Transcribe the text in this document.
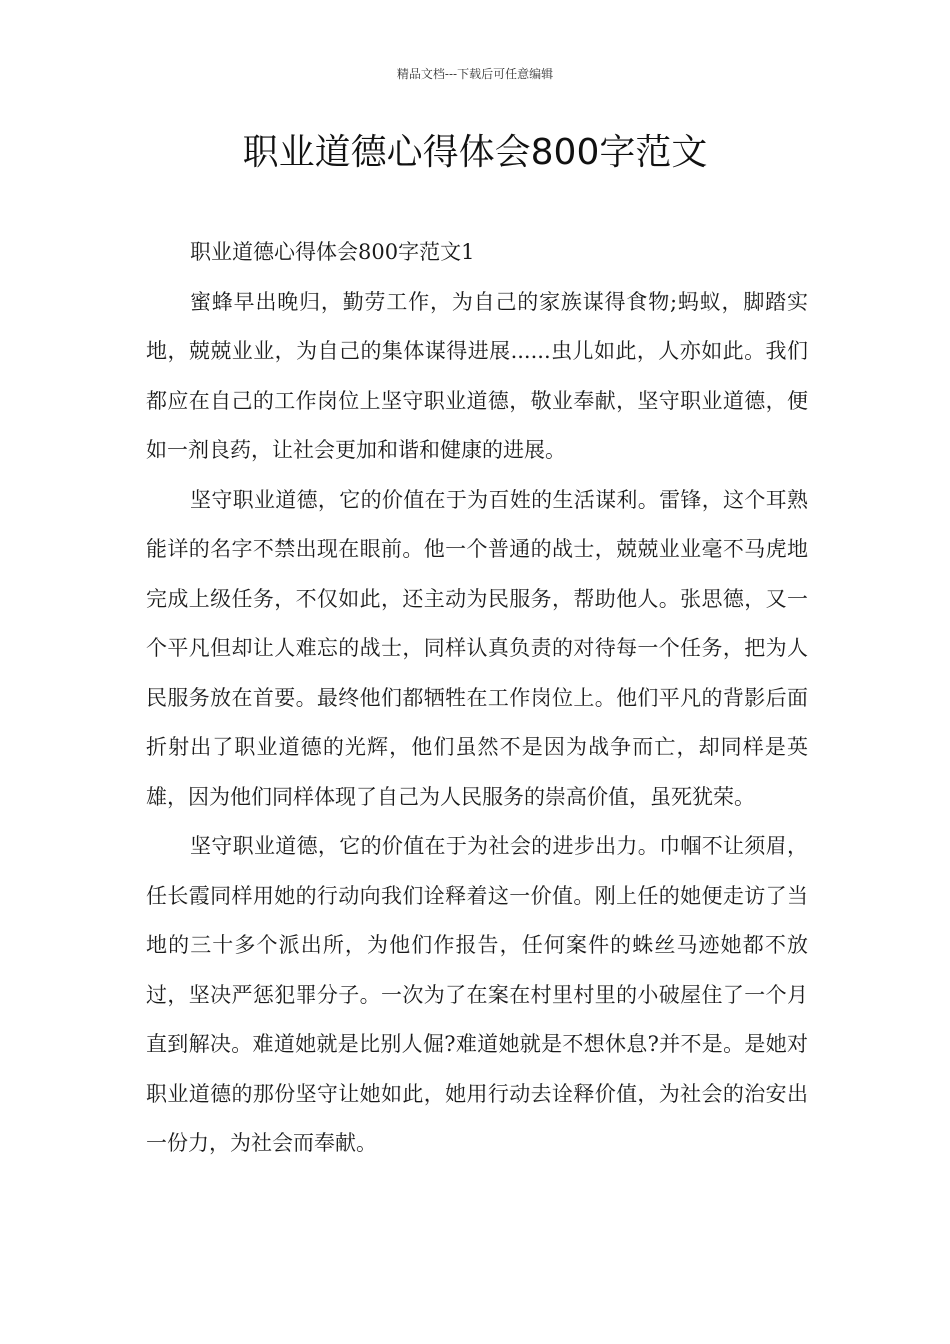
精品文档---下载后可任意编辑
职业道德心得体会800字范文

职业道德心得体会800字范文1

蜜蜂早出晚归，勤劳工作，为自己的家族谋得食物;蚂蚁，脚踏实地，兢兢业业，为自己的集体谋得进展......虫儿如此，人亦如此。我们都应在自己的工作岗位上坚守职业道德，敬业奉献，坚守职业道德，便如一剂良药，让社会更加和谐和健康的进展。

坚守职业道德，它的价值在于为百姓的生活谋利。雷锋，这个耳熟能详的名字不禁出现在眼前。他一个普通的战士，兢兢业业毫不马虎地完成上级任务，不仅如此，还主动为民服务，帮助他人。张思德，又一个平凡但却让人难忘的战士，同样认真负责的对待每一个任务，把为人民服务放在首要。最终他们都牺牲在工作岗位上。他们平凡的背影后面折射出了职业道德的光辉，他们虽然不是因为战争而亡，却同样是英雄，因为他们同样体现了自己为人民服务的崇高价值，虽死犹荣。

坚守职业道德，它的价值在于为社会的进步出力。巾帼不让须眉，任长霞同样用她的行动向我们诠释着这一价值。刚上任的她便走访了当地的三十多个派出所，为他们作报告，任何案件的蛛丝马迹她都不放过，坚决严惩犯罪分子。一次为了在案在村里村里的小破屋住了一个月直到解决。难道她就是比别人倔?难道她就是不想休息?并不是。是她对职业道德的那份坚守让她如此，她用行动去诠释价值，为社会的治安出一份力，为社会而奉献。
